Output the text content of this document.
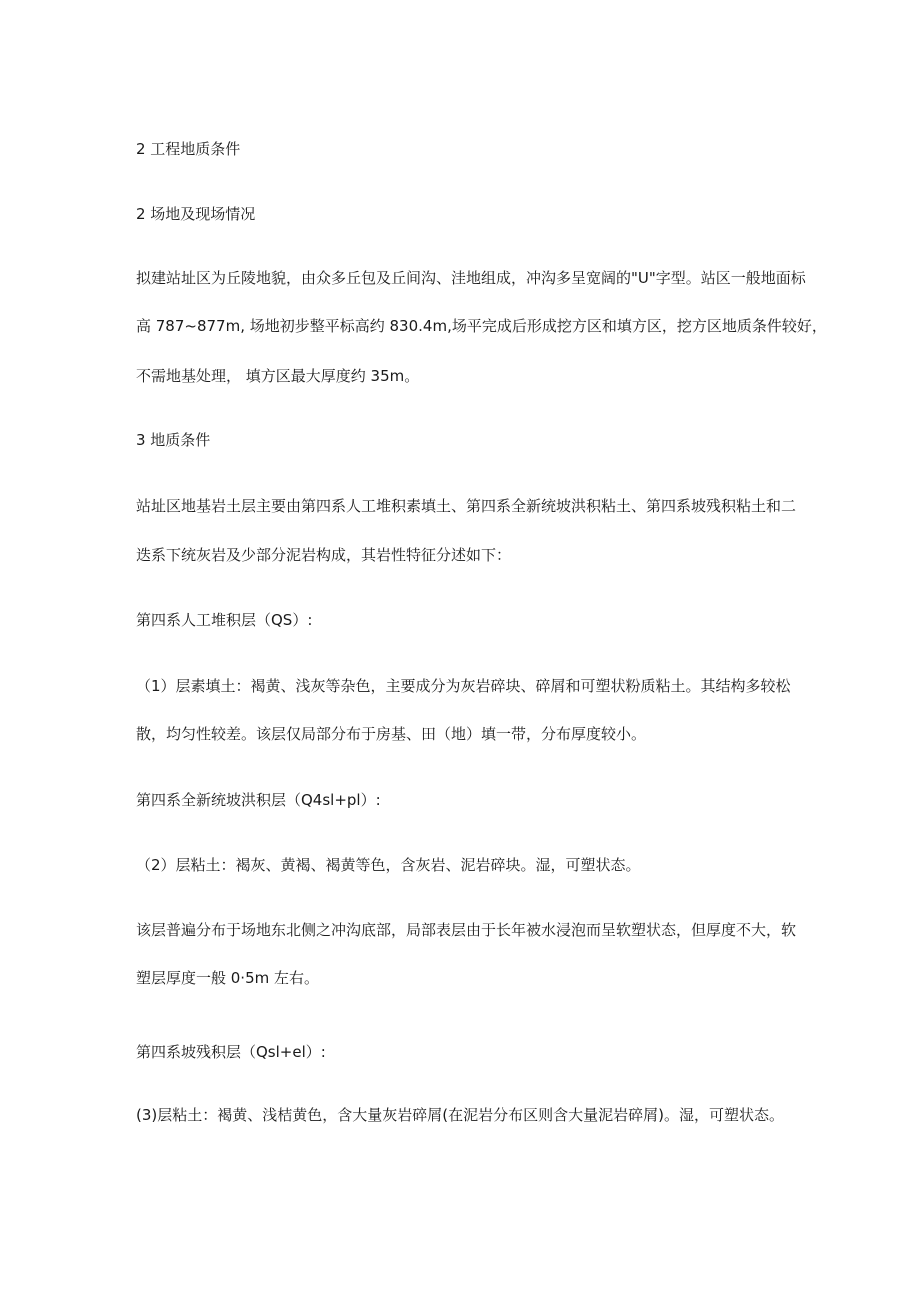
2 工程地质条件

2 场地及现场情况

拟建站址区为丘陵地貌，由众多丘包及丘间沟、洼地组成，冲沟多呈宽阔的"U"字型。站区一般地面标

高 787~877m, 场地初步整平标高约 830.4m,场平完成后形成挖方区和填方区，挖方区地质条件较好，

不需地基处理， 填方区最大厚度约 35m。

3 地质条件

站址区地基岩土层主要由第四系人工堆积素填土、第四系全新统坡洪积粘土、第四系坡残积粘土和二

迭系下统灰岩及少部分泥岩构成，其岩性特征分述如下：

第四系人工堆积层（QS）:

（1）层素填土：褐黄、浅灰等杂色，主要成分为灰岩碎块、碎屑和可塑状粉质粘土。其结构多较松

散，均匀性较差。该层仅局部分布于房基、田（地）填一带，分布厚度较小。

第四系全新统坡洪积层（Q4sl+pl）:

（2）层粘土：褐灰、黄褐、褐黄等色，含灰岩、泥岩碎块。湿，可塑状态。

该层普遍分布于场地东北侧之冲沟底部，局部表层由于长年被水浸泡而呈软塑状态，但厚度不大，软

塑层厚度一般 0·5m 左右。

第四系坡残积层（Qsl+el）:

(3)层粘土：褐黄、浅桔黄色，含大量灰岩碎屑(在泥岩分布区则含大量泥岩碎屑)。湿，可塑状态。
